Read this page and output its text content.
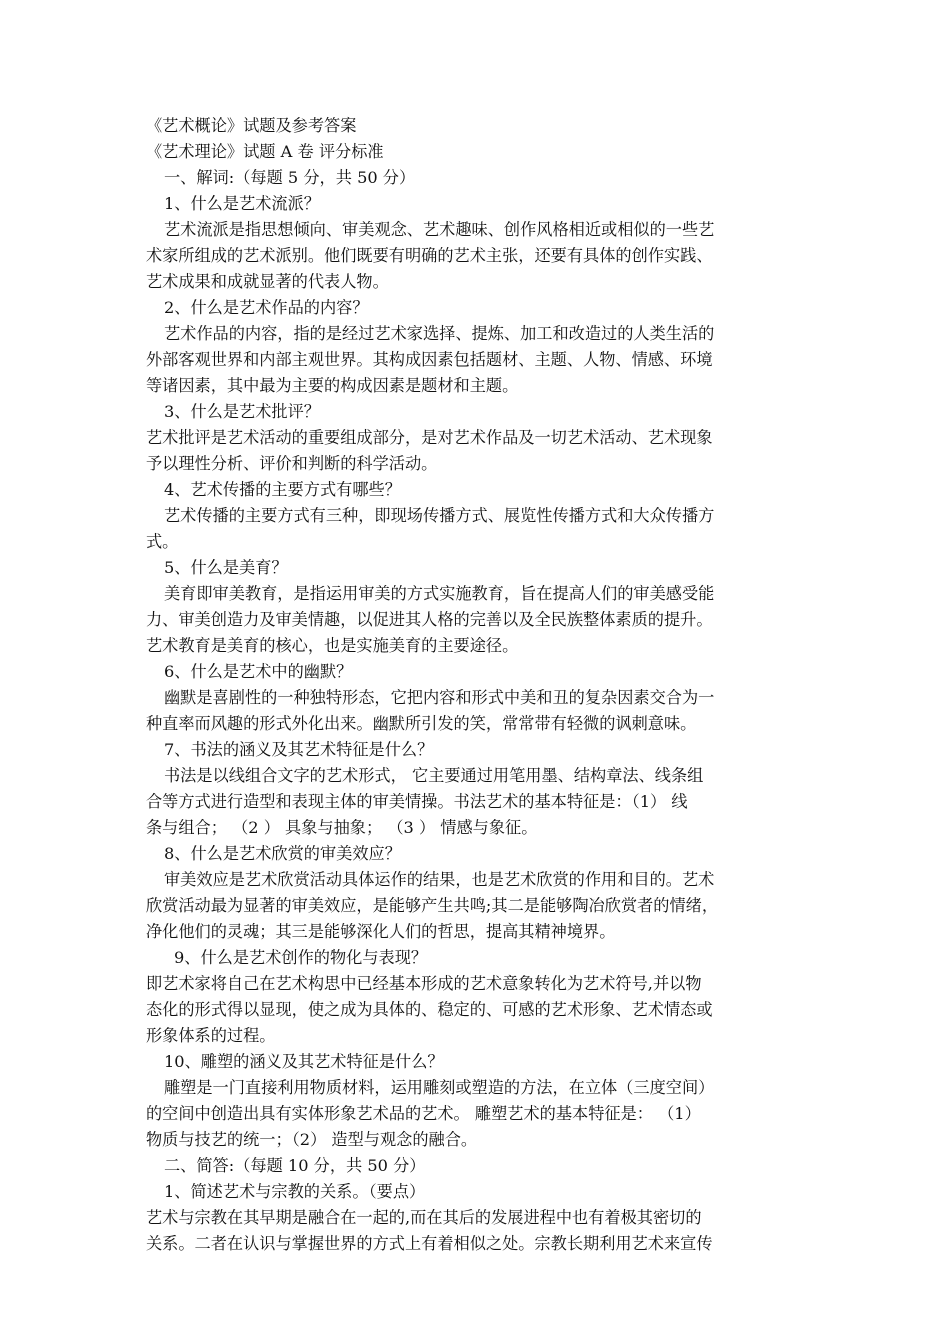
《艺术概论》试题及参考答案
《艺术理论》试题 A 卷 评分标准
一、解词:（每题 5 分，共 50 分）
1、什么是艺术流派？
艺术流派是指思想倾向、审美观念、艺术趣味、创作风格相近或相似的一些艺
术家所组成的艺术派别。他们既要有明确的艺术主张，还要有具体的创作实践、
艺术成果和成就显著的代表人物。
2、什么是艺术作品的内容？
艺术作品的内容，指的是经过艺术家选择、提炼、加工和改造过的人类生活的
外部客观世界和内部主观世界。其构成因素包括题材、主题、人物、情感、环境
等诸因素，其中最为主要的构成因素是题材和主题。
3、什么是艺术批评？
艺术批评是艺术活动的重要组成部分，是对艺术作品及一切艺术活动、艺术现象
予以理性分析、评价和判断的科学活动。
4、艺术传播的主要方式有哪些？
艺术传播的主要方式有三种，即现场传播方式、展览性传播方式和大众传播方
式。
5、什么是美育？
美育即审美教育，是指运用审美的方式实施教育，旨在提高人们的审美感受能
力、审美创造力及审美情趣，以促进其人格的完善以及全民族整体素质的提升。
艺术教育是美育的核心，也是实施美育的主要途径。
6、什么是艺术中的幽默？
幽默是喜剧性的一种独特形态，它把内容和形式中美和丑的复杂因素交合为一
种直率而风趣的形式外化出来。幽默所引发的笑，常常带有轻微的讽刺意味。
7、书法的涵义及其艺术特征是什么？
书法是以线组合文字的艺术形式， 它主要通过用笔用墨、结构章法、线条组
合等方式进行造型和表现主体的审美情操。书法艺术的基本特征是：（1） 线
条与组合； （2 ） 具象与抽象； （3 ） 情感与象征。
8、什么是艺术欣赏的审美效应？
审美效应是艺术欣赏活动具体运作的结果，也是艺术欣赏的作用和目的。艺术
欣赏活动最为显著的审美效应，是能够产生共鸣;其二是能够陶冶欣赏者的情绪，
净化他们的灵魂；其三是能够深化人们的哲思，提高其精神境界。
9、什么是艺术创作的物化与表现？
即艺术家将自己在艺术构思中已经基本形成的艺术意象转化为艺术符号,并以物
态化的形式得以显现，使之成为具体的、稳定的、可感的艺术形象、艺术情态或
形象体系的过程。
10、雕塑的涵义及其艺术特征是什么？
雕塑是一门直接利用物质材料，运用雕刻或塑造的方法，在立体（三度空间）
的空间中创造出具有实体形象艺术品的艺术。 雕塑艺术的基本特征是： （1）
物质与技艺的统一；（2） 造型与观念的融合。
二、简答:（每题 10 分，共 50 分）
1、简述艺术与宗教的关系。（要点）
艺术与宗教在其早期是融合在一起的,而在其后的发展进程中也有着极其密切的
关系。二者在认识与掌握世界的方式上有着相似之处。宗教长期利用艺术来宣传
